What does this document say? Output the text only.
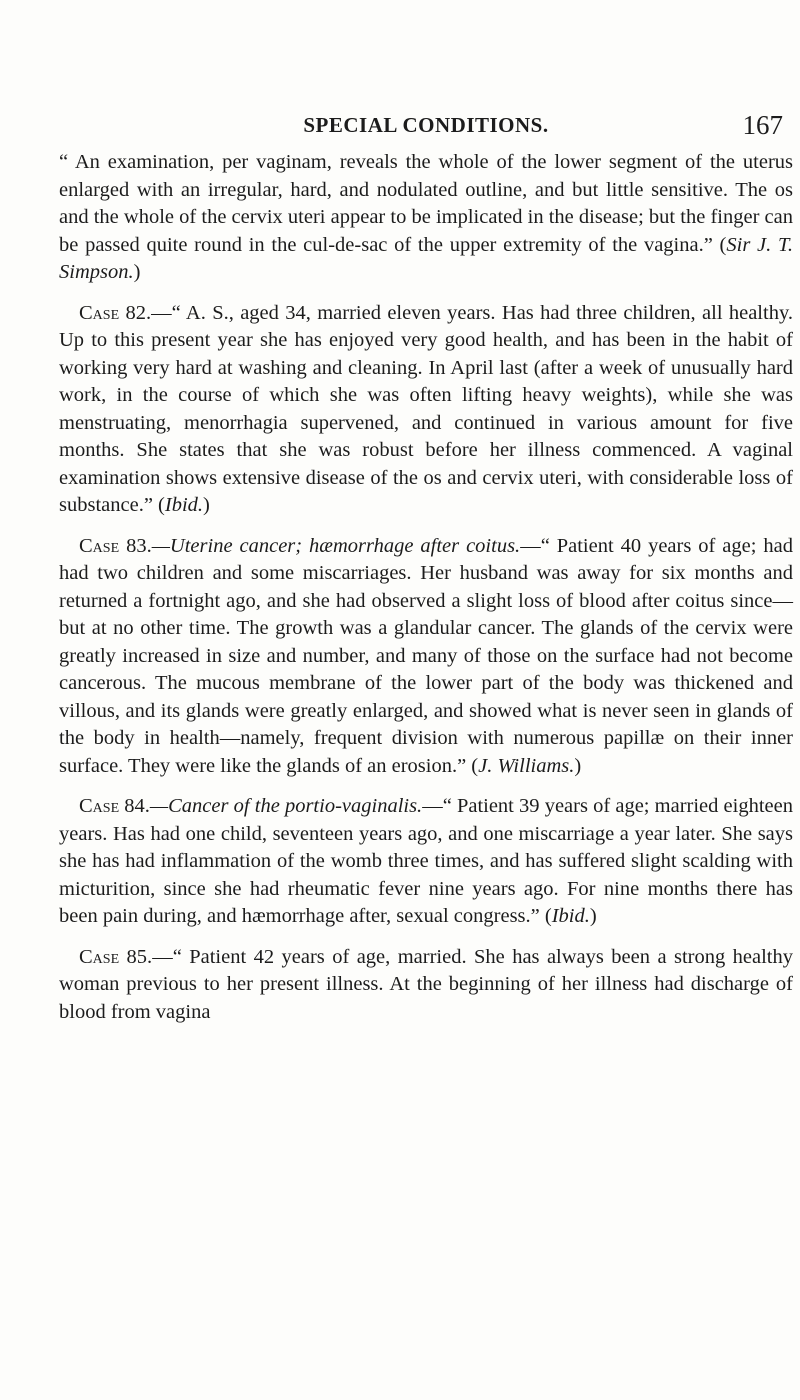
SPECIAL CONDITIONS.	167

“ An examination, per vaginam, reveals the whole of the lower segment of the uterus enlarged with an irregular, hard, and nodulated outline, and but little sensitive. The os and the whole of the cervix uteri appear to be implicated in the disease; but the finger can be passed quite round in the cul-de-sac of the upper extremity of the vagina.” (Sir J. T. Simpson.)

Case 82.—“ A. S., aged 34, married eleven years. Has had three children, all healthy. Up to this present year she has enjoyed very good health, and has been in the habit of working very hard at washing and cleaning. In April last (after a week of unusually hard work, in the course of which she was often lifting heavy weights), while she was menstruating, menorrhagia supervened, and continued in various amount for five months. She states that she was robust before her illness commenced. A vaginal examination shows extensive disease of the os and cervix uteri, with considerable loss of substance.” (Ibid.)

Case 83.—Uterine cancer; hæmorrhage after coitus.—“ Patient 40 years of age; had had two children and some miscarriages. Her husband was away for six months and returned a fortnight ago, and she had observed a slight loss of blood after coitus since—but at no other time. The growth was a glandular cancer. The glands of the cervix were greatly increased in size and number, and many of those on the surface had not become cancerous. The mucous membrane of the lower part of the body was thickened and villous, and its glands were greatly enlarged, and showed what is never seen in glands of the body in health—namely, frequent division with numerous papillæ on their inner surface. They were like the glands of an erosion.” (J. Williams.)

Case 84.—Cancer of the portio-vaginalis.—“ Patient 39 years of age; married eighteen years. Has had one child, seventeen years ago, and one miscarriage a year later. She says she has had inflammation of the womb three times, and has suffered slight scalding with micturition, since she had rheumatic fever nine years ago. For nine months there has been pain during, and hæmorrhage after, sexual congress.” (Ibid.)

Case 85.—“ Patient 42 years of age, married. She has always been a strong healthy woman previous to her present illness. At the beginning of her illness had discharge of blood from vagina
